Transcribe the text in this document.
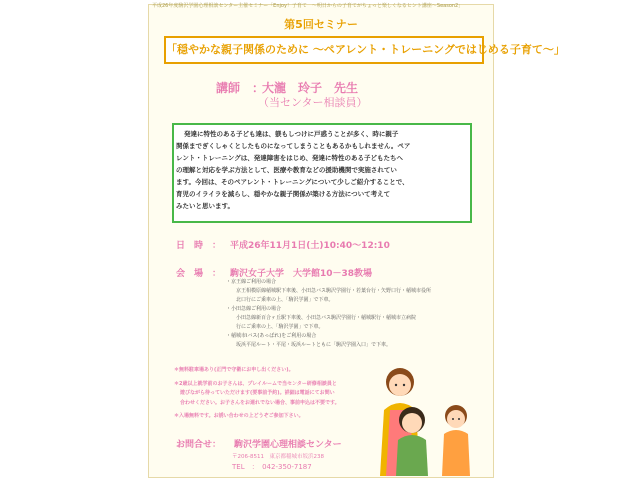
平成26年度駒沢学園心理相談センター主催セミナー「Enjoy！子育て　～明日からの子育てがちょっと楽しくなるヒント講座～Season2」
第5回セミナー
「穏やかな親子関係のために ～ペアレント・トレーニングではじめる子育て～」
講師　：
大瀧　玲子　先生
（当センター相談員）
発達に特性のある子ども達は、躾もしつけに戸惑うことが多く、時に親子
関係までぎくしゃくとしたものになってしまうこともあるかもしれません。ペア
レント・トレーニングは、発達障害をはじめ、発達に特性のある子どもたちへ
の理解と対応を学ぶ方法として、医療や教育などの援助機関で実施されてい
ます。今回は、そのペアレント・トレーニングについて少しご紹介することで、
育児のイライラを減らし、穏やかな親子関係が築ける方法について考えて
みたいと思います。
日　時　： 平成26年11月1日(土)10:40～12:10
会　場　： 駒沢女子大学　大学館10－38教場
・京王線ご利用の場合
京王相模原線稲城駅下車後、小田急バス駒沢学園行・若葉台行・矢野口行・稲城市役所
北口行にご乗車の上、「駒沢学園」で下車。
・小田急線ご利用の場合
小田急線新百合ヶ丘駅下車後、小田急バス駒沢学園行・稲城駅行・稲城市立病院
行にご乗車の上、「駒沢学園」で下車。
・稲城市iバス(あっぱれ)をご利用の場合
坂浜平尾ルート・平尾・坂浜ルートともに「駒沢学園入口」で下車。
＊無料駐車場あり(正門で守衛にお申し出ください)。
＊2歳以上就学前のお子さんは、プレイルームで当センター研修相談員と
遊びながら待っていただけます(要事前予約)。詳細は電話にてお問い
合わせください。お子さんをお連れでない場合、事前申込は不要です。
＊入場無料です。お誘い合わせの上どうぞご参加下さい。
お問合せ： 駒沢学園心理相談センター
〒206-8511　東京都稲城市坂浜238
TEL　：　042-350-7187
